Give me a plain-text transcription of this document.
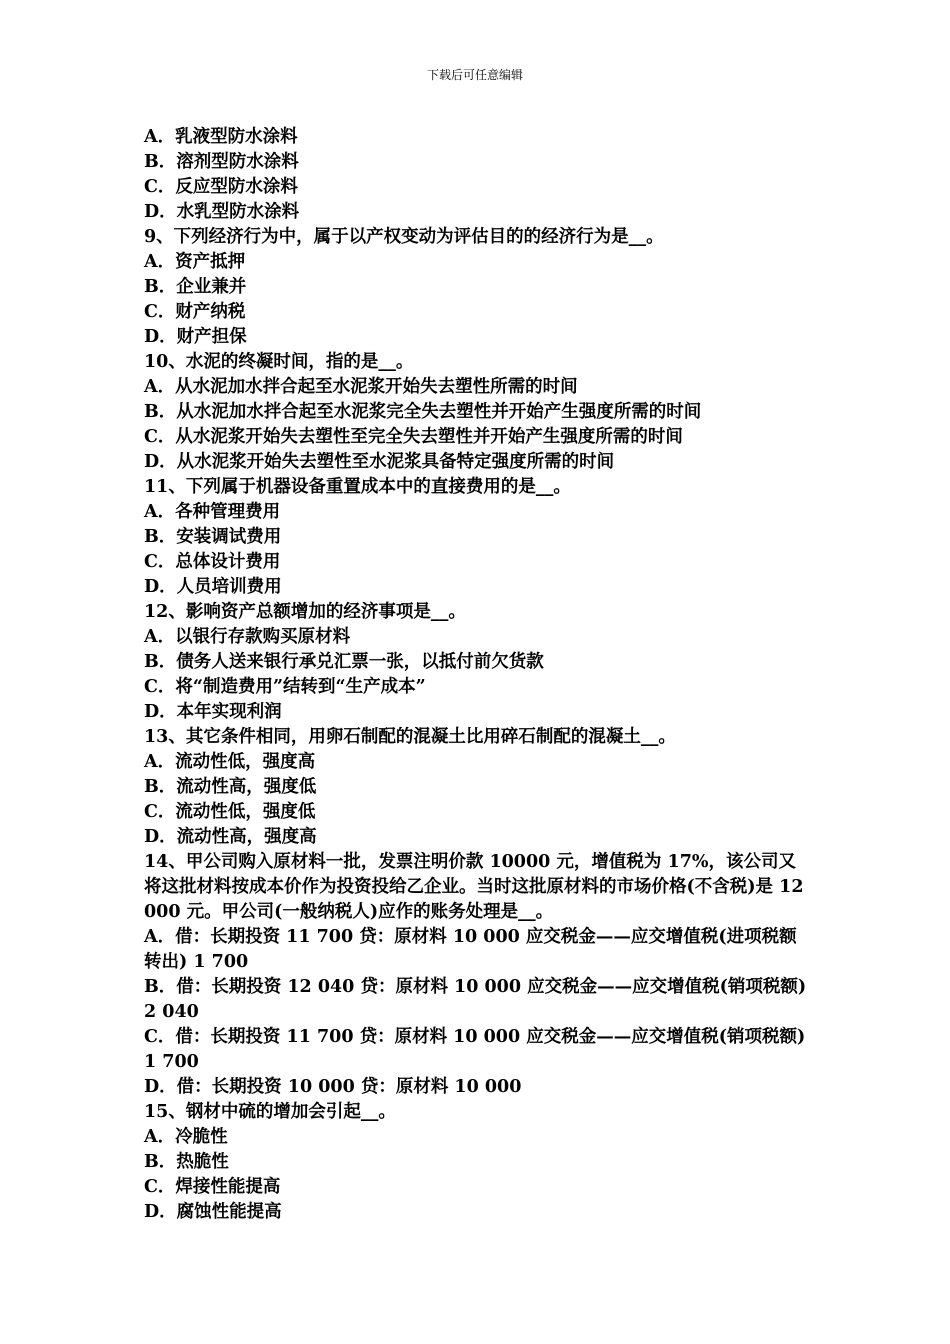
下载后可任意编辑
A．乳液型防水涂料
B．溶剂型防水涂料
C．反应型防水涂料
D．水乳型防水涂料
9、下列经济行为中，属于以产权变动为评估目的的经济行为是__。
A．资产抵押
B．企业兼并
C．财产纳税
D．财产担保
10、水泥的终凝时间，指的是__。
A．从水泥加水拌合起至水泥浆开始失去塑性所需的时间
B．从水泥加水拌合起至水泥浆完全失去塑性并开始产生强度所需的时间
C．从水泥浆开始失去塑性至完全失去塑性并开始产生强度所需的时间
D．从水泥浆开始失去塑性至水泥浆具备特定强度所需的时间
11、下列属于机器设备重置成本中的直接费用的是__。
A．各种管理费用
B．安装调试费用
C．总体设计费用
D．人员培训费用
12、影响资产总额增加的经济事项是__。
A．以银行存款购买原材料
B．债务人送来银行承兑汇票一张，以抵付前欠货款
C．将“制造费用”结转到“生产成本”
D．本年实现利润
13、其它条件相同，用卵石制配的混凝土比用碎石制配的混凝土__。
A．流动性低，强度高
B．流动性高，强度低
C．流动性低，强度低
D．流动性高，强度高
14、甲公司购入原材料一批，发票注明价款 10000 元，增值税为 17%，该公司又将这批材料按成本价作为投资投给乙企业。当时这批原材料的市场价格(不含税)是 12 000 元。甲公司(一般纳税人)应作的账务处理是__。
A．借：长期投资 11 700 贷：原材料 10 000 应交税金——应交增值税(进项税额转出) 1 700
B．借：长期投资 12 040 贷：原材料 10 000 应交税金——应交增值税(销项税额) 2 040
C．借：长期投资 11 700 贷：原材料 10 000 应交税金——应交增值税(销项税额) 1 700
D．借：长期投资 10 000 贷：原材料 10 000
15、钢材中硫的增加会引起__。
A．冷脆性
B．热脆性
C．焊接性能提高
D．腐蚀性能提高
